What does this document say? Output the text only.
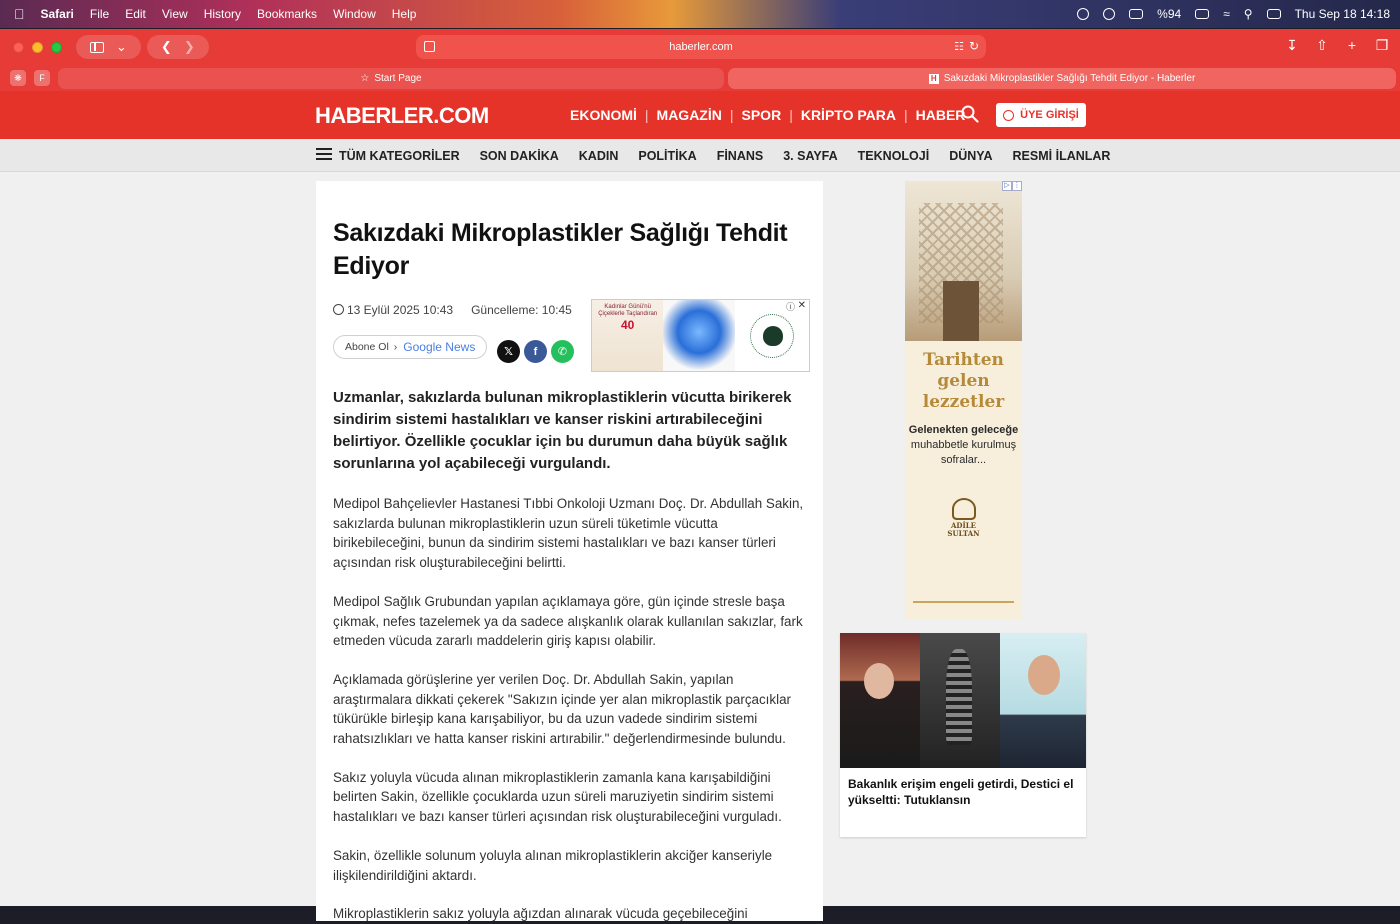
Safari File Edit View History Bookmarks Window Help	%94	≈ ⚲	Thu Sep 18 14:18
⌄	❮ ❯	haberler.com	☷ ↻	↧ ⇧ + ❐
❋	F	☆ Start Page	H Sakızdaki Mikroplastikler Sağlığı Tehdit Ediyor - Haberler
HABERLER.COM	EKONOMİ | MAGAZİN | SPOR | KRİPTO PARA | HABER	ÜYE GİRİŞİ
TÜM KATEGORİLER SON DAKİKA KADIN POLİTİKA FİNANS 3. SAYFA TEKNOLOJİ DÜNYA RESMİ İLANLAR
Sakızdaki Mikroplastikler Sağlığı Tehdit Ediyor
13 Eylül 2025 10:43 Güncelleme: 10:45
Abone Ol › Google News	𝕏	f	✆
Kadınlar Günü'nü
Çiçeklerle Taçlandıran
40
ⓘ ✕

Uzmanlar, sakızlarda bulunan mikroplastiklerin vücutta birikerek sindirim sistemi hastalıkları ve kanser riskini artırabileceğini belirtiyor. Özellikle çocuklar için bu durumun daha büyük sağlık sorunlarına yol açabileceği vurgulandı.

Medipol Bahçelievler Hastanesi Tıbbi Onkoloji Uzmanı Doç. Dr. Abdullah Sakin, sakızlarda bulunan mikroplastiklerin uzun süreli tüketimle vücutta birikebileceğini, bunun da sindirim sistemi hastalıkları ve bazı kanser türleri açısından risk oluşturabileceğini belirtti.

Medipol Sağlık Grubundan yapılan açıklamaya göre, gün içinde stresle başa çıkmak, nefes tazelemek ya da sadece alışkanlık olarak kullanılan sakızlar, fark etmeden vücuda zararlı maddelerin giriş kapısı olabilir.

Açıklamada görüşlerine yer verilen Doç. Dr. Abdullah Sakin, yapılan araştırmalara dikkati çekerek "Sakızın içinde yer alan mikroplastik parçacıklar tükürükle birleşip kana karışabiliyor, bu da uzun vadede sindirim sistemi rahatsızlıkları ve hatta kanser riskini artırabilir." değerlendirmesinde bulundu.

Sakız yoluyla vücuda alınan mikroplastiklerin zamanla kana karışabildiğini belirten Sakin, özellikle çocuklarda uzun süreli maruziyetin sindirim sistemi hastalıkları ve bazı kanser türleri açısından risk oluşturabileceğini vurguladı.

Sakin, özellikle solunum yoluyla alınan mikroplastiklerin akciğer kanseriyle ilişkilendirildiğini aktardı.

Mikroplastiklerin sakız yoluyla ağızdan alınarak vücuda geçebileceğini

▷ ⋮
Tarihten gelen lezzetler
Gelenekten geleceğe
muhabbetle kurulmuş sofralar...
ADİLE SULTAN
Bakanlık erişim engeli getirdi, Destici el yükseltti: Tutuklansın
